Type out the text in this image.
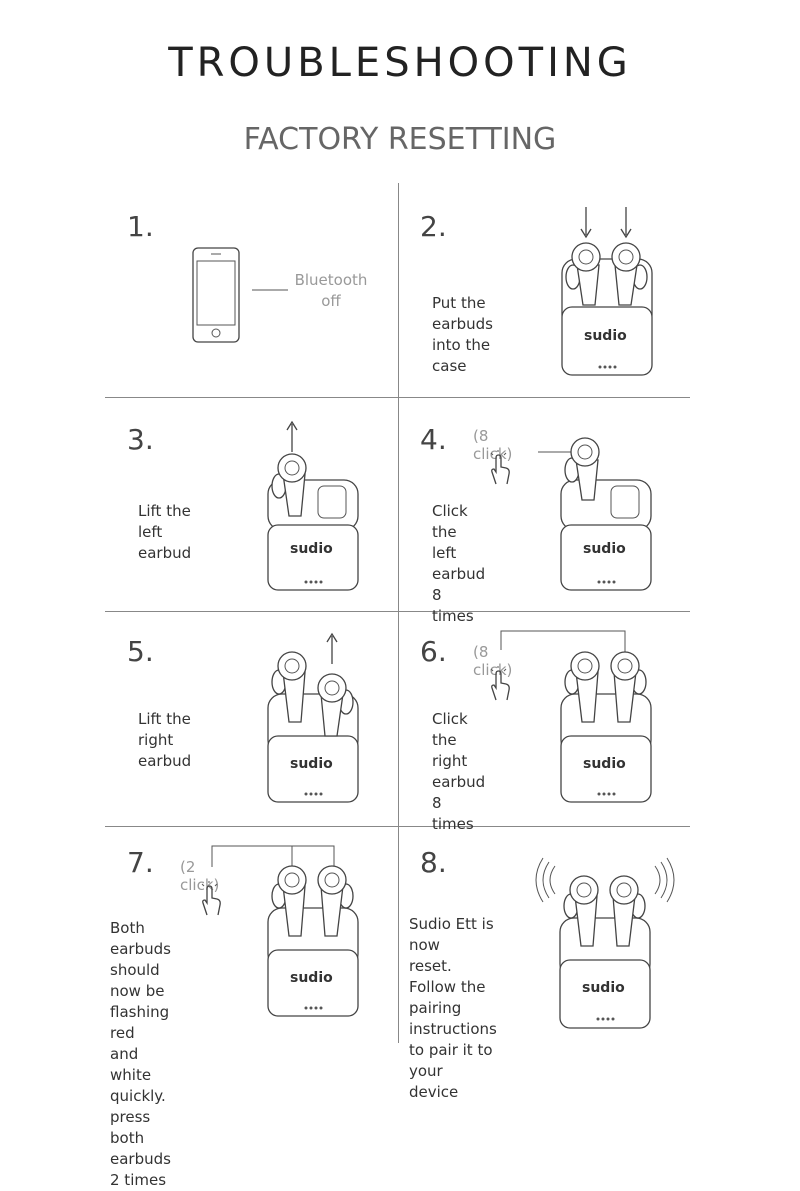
TROUBLESHOOTING
FACTORY RESETTING
1.
Bluetooth
off
2.
Put the earbuds
into the case
sudio
3.
Lift the left
earbud	sudio
4. (8 click)
Click the left
earbud 8 times
sudio
5.
Lift the right
earbud	sudio
6. (8 click)
Click the right
earbud 8 times
sudio
7. (2 click)
Both earbuds should
now be flashing red
and white quickly.
press both earbuds
2 times
sudio
8.
Sudio Ett is now
reset. Follow the
pairing instructions
to pair it to your
device
sudio
